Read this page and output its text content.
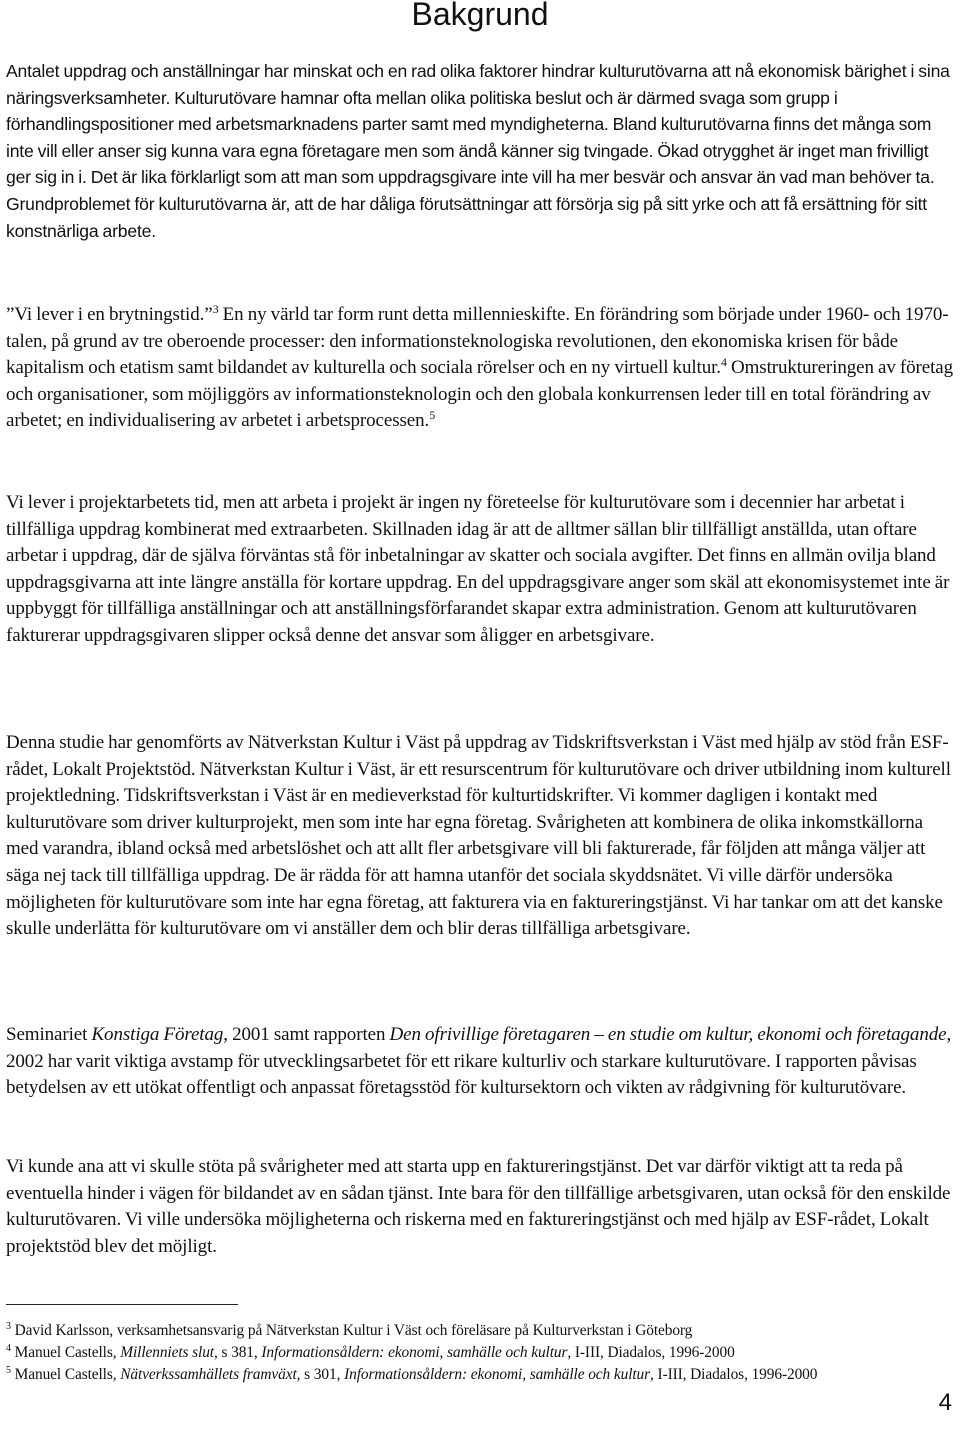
Bakgrund

Antalet uppdrag och anställningar har minskat och en rad olika faktorer hindrar kulturutövarna att nå ekonomisk bärighet i sina näringsverksamheter. Kulturutövare hamnar ofta mellan olika politiska beslut och är därmed svaga som grupp i förhandlingspositioner med arbetsmarknadens parter samt med myndigheterna. Bland kulturutövarna finns det många som inte vill eller anser sig kunna vara egna företagare men som ändå känner sig tvingade. Ökad otrygghet är inget man frivilligt ger sig in i. Det är lika förklarligt som att man som uppdragsgivare inte vill ha mer besvär och ansvar än vad man behöver ta. Grundproblemet för kulturutövarna är, att de har dåliga förutsättningar att försörja sig på sitt yrke och att få ersättning för sitt konstnärliga arbete.

”Vi lever i en brytningstid.”$^3$ En ny värld tar form runt detta millennieskifte. En förändring som började under 1960- och 1970-talen, på grund av tre oberoende processer: den informationsteknologiska revolutionen, den ekonomiska krisen för både kapitalism och etatism samt bildandet av kulturella och sociala rörelser och en ny virtuell kultur.$^4$ Omstruktureringen av företag och organisationer, som möjliggörs av informationsteknologin och den globala konkurrensen leder till en total förändring av arbetet; en individualisering av arbetet i arbetsprocessen.$^5$

Vi lever i projektarbetets tid, men att arbeta i projekt är ingen ny företeelse för kulturutövare som i decennier har arbetat i tillfälliga uppdrag kombinerat med extraarbeten. Skillnaden idag är att de alltmer sällan blir tillfälligt anställda, utan oftare arbetar i uppdrag, där de själva förväntas stå för inbetalningar av skatter och sociala avgifter. Det finns en allmän ovilja bland uppdragsgivarna att inte längre anställa för kortare uppdrag. En del uppdragsgivare anger som skäl att ekonomisystemet inte är uppbyggt för tillfälliga anställningar och att anställningsförfarandet skapar extra administration. Genom att kulturutövaren fakturerar uppdragsgivaren slipper också denne det ansvar som åligger en arbetsgivare.

Denna studie har genomförts av Nätverkstan Kultur i Väst på uppdrag av Tidskriftsverkstan i Väst med hjälp av stöd från ESF-rådet, Lokalt Projektstöd. Nätverkstan Kultur i Väst, är ett resurscentrum för kulturutövare och driver utbildning inom kulturell projektledning. Tidskriftsverkstan i Väst är en medieverkstad för kulturtidskrifter. Vi kommer dagligen i kontakt med kulturutövare som driver kulturprojekt, men som inte har egna företag. Svårigheten att kombinera de olika inkomstkällorna med varandra, ibland också med arbetslöshet och att allt fler arbetsgivare vill bli fakturerade, får följden att många väljer att säga nej tack till tillfälliga uppdrag. De är rädda för att hamna utanför det sociala skyddsnätet. Vi ville därför undersöka möjligheten för kulturutövare som inte har egna företag, att fakturera via en faktureringstjänst. Vi har tankar om att det kanske skulle underlätta för kulturutövare om vi anställer dem och blir deras tillfälliga arbetsgivare.

Seminariet Konstiga Företag, 2001 samt rapporten Den ofrivillige företagaren – en studie om kultur, ekonomi och företagande, 2002 har varit viktiga avstamp för utvecklingsarbetet för ett rikare kulturliv och starkare kulturutövare. I rapporten påvisas betydelsen av ett utökat offentligt och anpassat företagsstöd för kultursektorn och vikten av rådgivning för kulturutövare.

Vi kunde ana att vi skulle stöta på svårigheter med att starta upp en faktureringstjänst. Det var därför viktigt att ta reda på eventuella hinder i vägen för bildandet av en sådan tjänst. Inte bara för den tillfällige arbetsgivaren, utan också för den enskilde kulturutövaren. Vi ville undersöka möjligheterna och riskerna med en faktureringstjänst och med hjälp av ESF-rådet, Lokalt projektstöd blev det möjligt.

$^3$ David Karlsson, verksamhetsansvarig på Nätverkstan Kultur i Väst och föreläsare på Kulturverkstan i Göteborg

$^4$ Manuel Castells, Millenniets slut, s 381, Informationsåldern: ekonomi, samhälle och kultur, I-III, Diadalos, 1996-2000

$^5$ Manuel Castells, Nätverkssamhällets framväxt, s 301, Informationsåldern: ekonomi, samhälle och kultur, I-III, Diadalos, 1996-2000

4
